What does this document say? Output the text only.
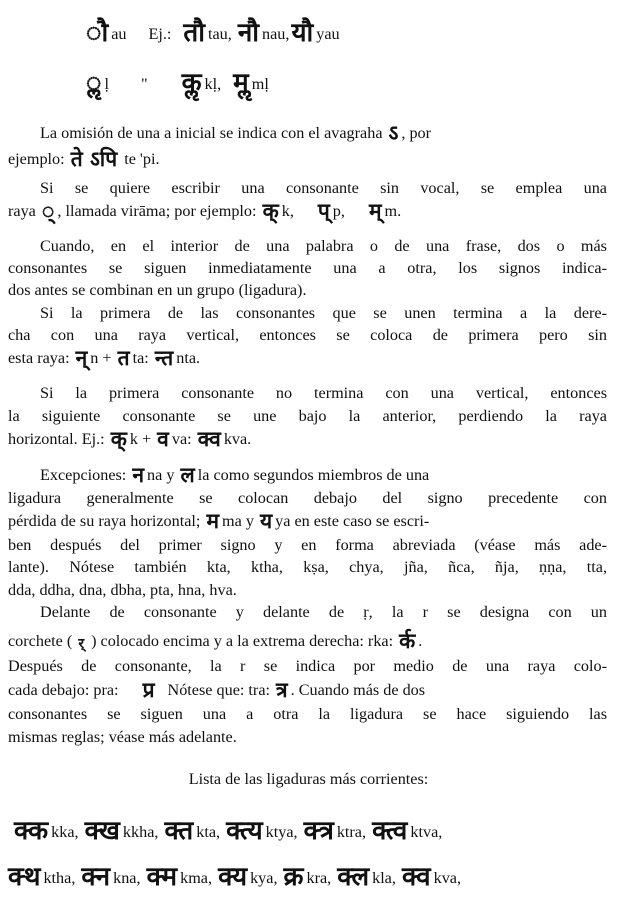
ौ au Ej.: तौ tau, नौ nau,यौ yau
ॢ ḷ " कॢ kḷ, मॢ mḷ
La omisión de una a inicial se indica con el avagraha ऽ , por
ejemplo: ते ऽपि te 'pi.
Si se quiere escribir una consonante sin vocal, se emplea una
raya ् , llamada virāma; por ejemplo: क् k, प् p, म् m.
Cuando, en el interior de una palabra o de una frase, dos o más
consonantes se siguen inmediatamente una a otra, los signos indica-
dos antes se combinan en un grupo (ligadura).
Si la primera de las consonantes que se unen termina a la dere-
cha con una raya vertical, entonces se coloca de primera pero sin
esta raya: न् n + त ta: न्त nta.
Si la primera consonante no termina con una vertical, entonces
la siguiente consonante se une bajo la anterior, perdiendo la raya
horizontal. Ej.: क् k + व va: क्व kva.
Excepciones: न na y ल la como segundos miembros de una
ligadura generalmente se colocan debajo del signo precedente con
pérdida de su raya horizontal; म ma y य ya en este caso se escri-
ben después del primer signo y en forma abreviada (véase más ade-
lante). Nótese también kta, ktha, kṣa, chya, jña, ñca, ñja, ṇṇa, tta,
dda, ddha, dna, dbha, pta, hna, hva.
Delante de consonante y delante de ṛ, la r se designa con un
corchete ( र् ) colocado encima y a la extrema derecha: rka: र्क .
Después de consonante, la r se indica por medio de una raya colo-
cada debajo: pra: प्र Nótese que: tra: त्र . Cuando más de dos
consonantes se siguen una a otra la ligadura se hace siguiendo las
mismas reglas; véase más adelante.
Lista de las ligaduras más corrientes:
क्क kka, क्ख kkha, क्त kta, क्त्य ktya, क्त्र ktra, क्त्व ktva,
क्थ ktha, क्न kna, क्म kma, क्य kya, क्र kra, क्ल kla, क्व kva,
